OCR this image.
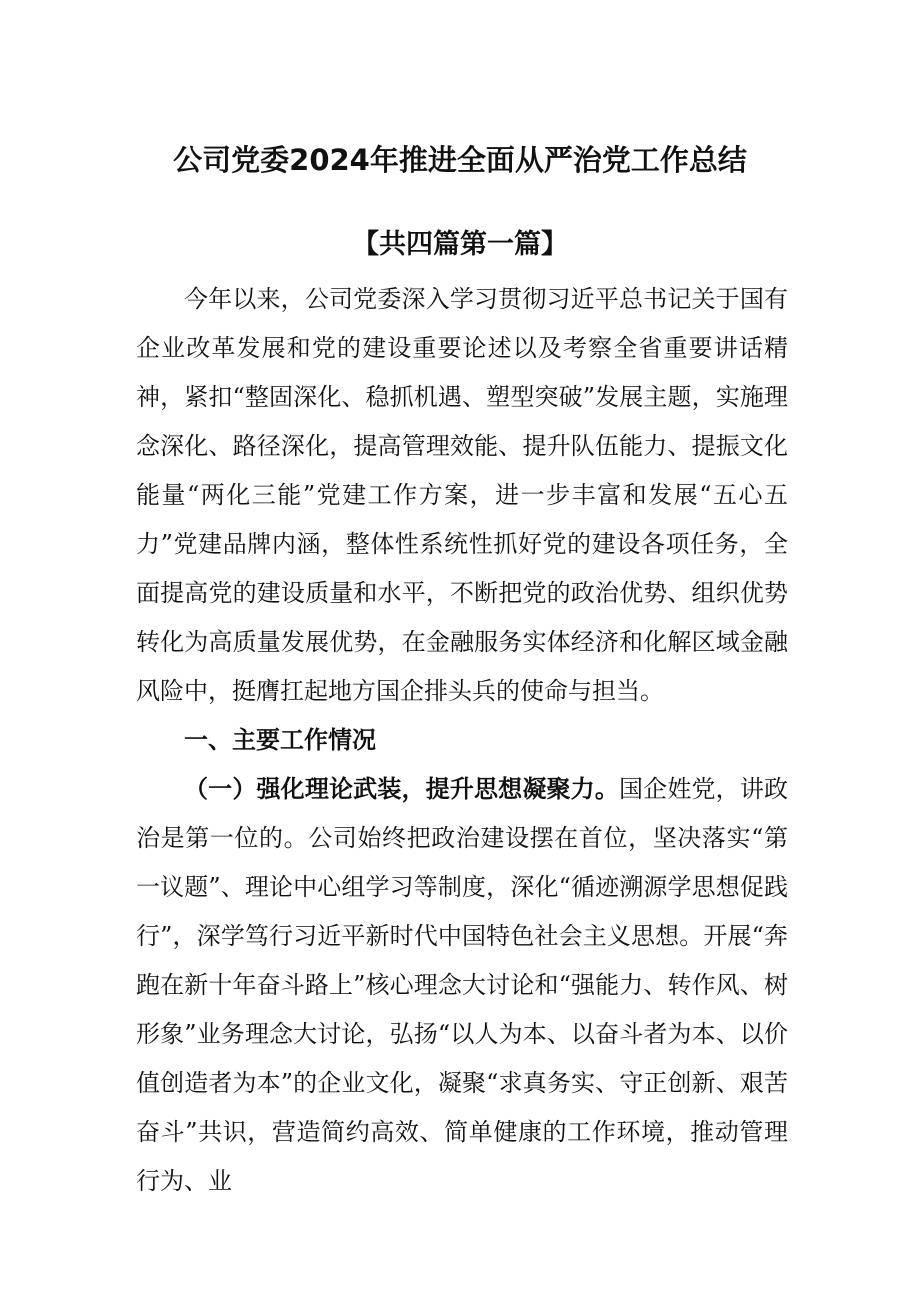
公司党委2024年推进全面从严治党工作总结
【共四篇第一篇】

今年以来，公司党委深入学习贯彻习近平总书记关于国有企业改革发展和党的建设重要论述以及考察全省重要讲话精神，紧扣“整固深化、稳抓机遇、塑型突破”发展主题，实施理念深化、路径深化，提高管理效能、提升队伍能力、提振文化能量“两化三能”党建工作方案，进一步丰富和发展“五心五力”党建品牌内涵，整体性系统性抓好党的建设各项任务，全面提高党的建设质量和水平，不断把党的政治优势、组织优势转化为高质量发展优势，在金融服务实体经济和化解区域金融风险中，挺膺扛起地方国企排头兵的使命与担当。

一、主要工作情况

（一）强化理论武装，提升思想凝聚力。国企姓党，讲政治是第一位的。公司始终把政治建设摆在首位，坚决落实“第一议题”、理论中心组学习等制度，深化“循迹溯源学思想促践行”，深学笃行习近平新时代中国特色社会主义思想。开展“奔跑在新十年奋斗路上”核心理念大讨论和“强能力、转作风、树形象”业务理念大讨论，弘扬“以人为本、以奋斗者为本、以价值创造者为本”的企业文化，凝聚“求真务实、守正创新、艰苦奋斗”共识，营造简约高效、简单健康的工作环境，推动管理行为、业
